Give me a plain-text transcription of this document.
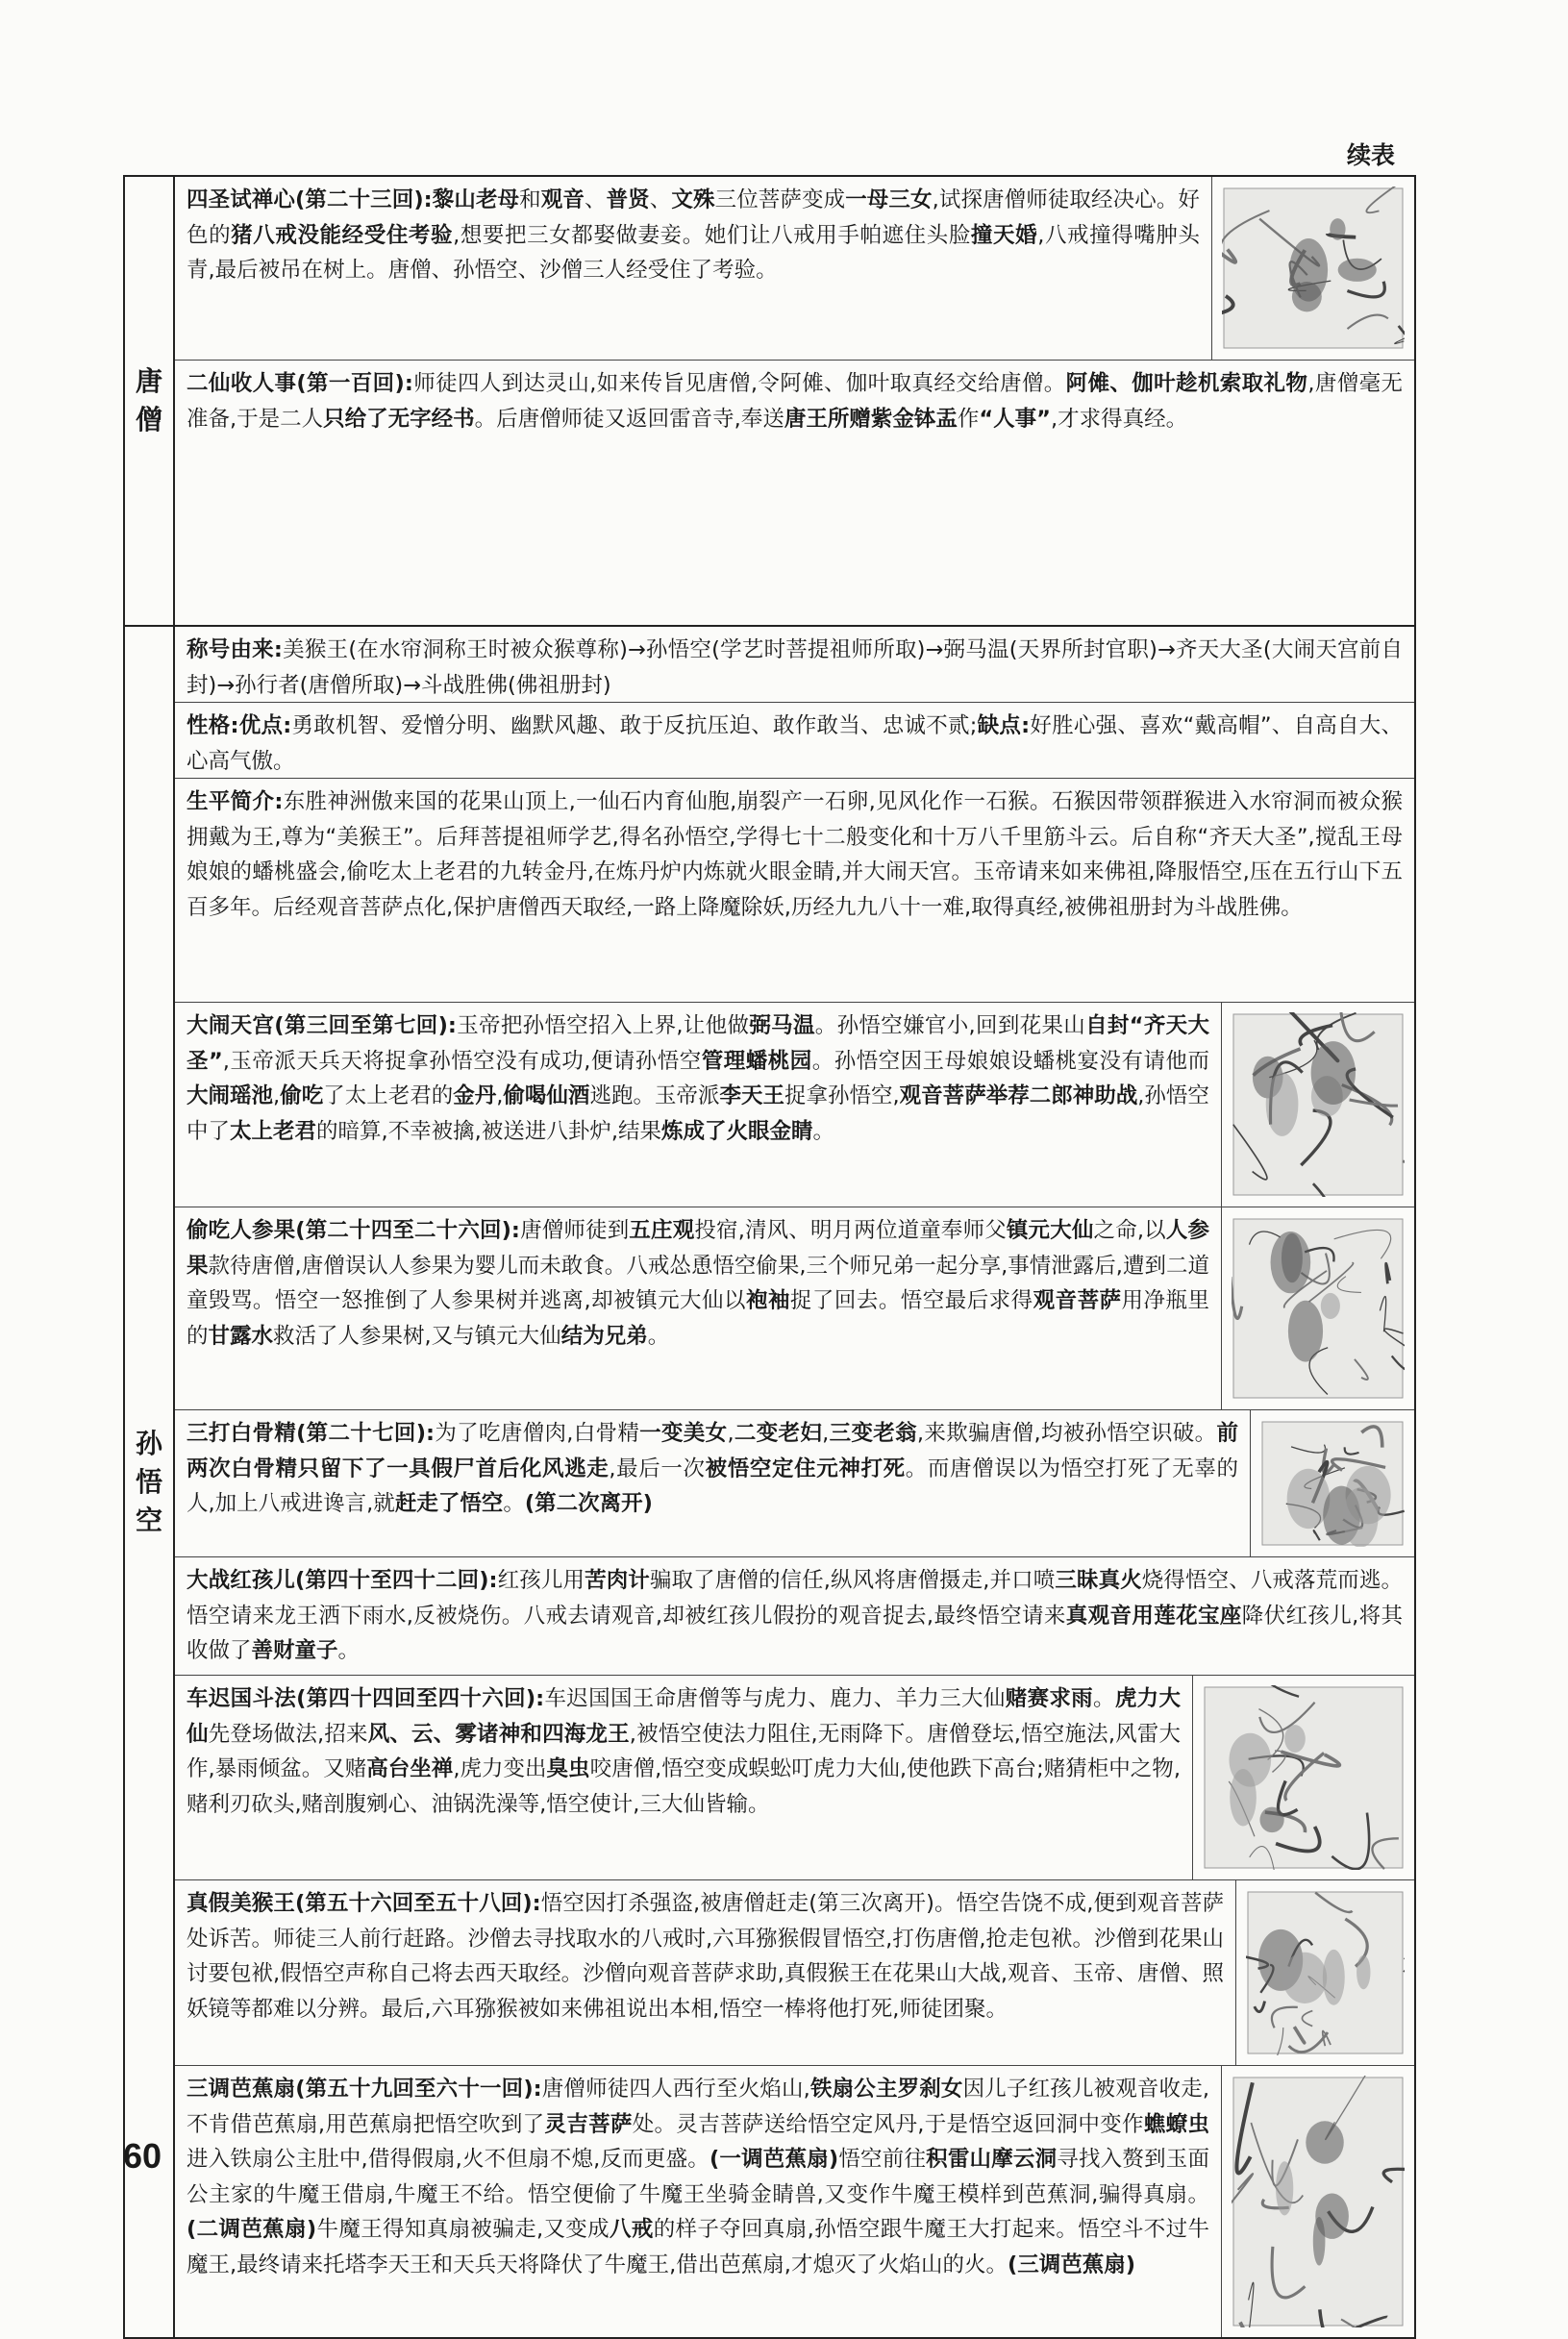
续表
唐
僧

四圣试禅心(第二十三回):黎山老母和观音、普贤、文殊三位菩萨变成一母三女,试探唐僧师徒取经决心。好色的猪八戒没能经受住考验,想要把三女都娶做妻妾。她们让八戒用手帕遮住头脸撞天婚,八戒撞得嘴肿头青,最后被吊在树上。唐僧、孙悟空、沙僧三人经受住了考验。

二仙收人事(第一百回):师徒四人到达灵山,如来传旨见唐僧,令阿傩、伽叶取真经交给唐僧。阿傩、伽叶趁机索取礼物,唐僧毫无准备,于是二人只给了无字经书。后唐僧师徒又返回雷音寺,奉送唐王所赠紫金钵盂作“人事”,才求得真经。

孙
悟
空

称号由来:美猴王(在水帘洞称王时被众猴尊称)→孙悟空(学艺时菩提祖师所取)→弼马温(天界所封官职)→齐天大圣(大闹天宫前自封)→孙行者(唐僧所取)→斗战胜佛(佛祖册封)

性格:优点:勇敢机智、爱憎分明、幽默风趣、敢于反抗压迫、敢作敢当、忠诚不贰;缺点:好胜心强、喜欢“戴高帽”、自高自大、心高气傲。

生平简介:东胜神洲傲来国的花果山顶上,一仙石内育仙胞,崩裂产一石卵,见风化作一石猴。石猴因带领群猴进入水帘洞而被众猴拥戴为王,尊为“美猴王”。后拜菩提祖师学艺,得名孙悟空,学得七十二般变化和十万八千里筋斗云。后自称“齐天大圣”,搅乱王母娘娘的蟠桃盛会,偷吃太上老君的九转金丹,在炼丹炉内炼就火眼金睛,并大闹天宫。玉帝请来如来佛祖,降服悟空,压在五行山下五百多年。后经观音菩萨点化,保护唐僧西天取经,一路上降魔除妖,历经九九八十一难,取得真经,被佛祖册封为斗战胜佛。

大闹天宫(第三回至第七回):玉帝把孙悟空招入上界,让他做弼马温。孙悟空嫌官小,回到花果山自封“齐天大圣”,玉帝派天兵天将捉拿孙悟空没有成功,便请孙悟空管理蟠桃园。孙悟空因王母娘娘设蟠桃宴没有请他而大闹瑶池,偷吃了太上老君的金丹,偷喝仙酒逃跑。玉帝派李天王捉拿孙悟空,观音菩萨举荐二郎神助战,孙悟空中了太上老君的暗算,不幸被擒,被送进八卦炉,结果炼成了火眼金睛。

偷吃人参果(第二十四至二十六回):唐僧师徒到五庄观投宿,清风、明月两位道童奉师父镇元大仙之命,以人参果款待唐僧,唐僧误认人参果为婴儿而未敢食。八戒怂恿悟空偷果,三个师兄弟一起分享,事情泄露后,遭到二道童毁骂。悟空一怒推倒了人参果树并逃离,却被镇元大仙以袍袖捉了回去。悟空最后求得观音菩萨用净瓶里的甘露水救活了人参果树,又与镇元大仙结为兄弟。

三打白骨精(第二十七回):为了吃唐僧肉,白骨精一变美女,二变老妇,三变老翁,来欺骗唐僧,均被孙悟空识破。前两次白骨精只留下了一具假尸首后化风逃走,最后一次被悟空定住元神打死。而唐僧误以为悟空打死了无辜的人,加上八戒进谗言,就赶走了悟空。(第二次离开)

大战红孩儿(第四十至四十二回):红孩儿用苦肉计骗取了唐僧的信任,纵风将唐僧摄走,并口喷三昧真火烧得悟空、八戒落荒而逃。悟空请来龙王洒下雨水,反被烧伤。八戒去请观音,却被红孩儿假扮的观音捉去,最终悟空请来真观音用莲花宝座降伏红孩儿,将其收做了善财童子。

车迟国斗法(第四十四回至四十六回):车迟国国王命唐僧等与虎力、鹿力、羊力三大仙赌赛求雨。虎力大仙先登场做法,招来风、云、雾诸神和四海龙王,被悟空使法力阻住,无雨降下。唐僧登坛,悟空施法,风雷大作,暴雨倾盆。又赌高台坐禅,虎力变出臭虫咬唐僧,悟空变成蜈蚣叮虎力大仙,使他跌下高台;赌猜柜中之物,赌利刃砍头,赌剖腹剜心、油锅洗澡等,悟空使计,三大仙皆输。

真假美猴王(第五十六回至五十八回):悟空因打杀强盗,被唐僧赶走(第三次离开)。悟空告饶不成,便到观音菩萨处诉苦。师徒三人前行赶路。沙僧去寻找取水的八戒时,六耳猕猴假冒悟空,打伤唐僧,抢走包袱。沙僧到花果山讨要包袱,假悟空声称自己将去西天取经。沙僧向观音菩萨求助,真假猴王在花果山大战,观音、玉帝、唐僧、照妖镜等都难以分辨。最后,六耳猕猴被如来佛祖说出本相,悟空一棒将他打死,师徒团聚。

三调芭蕉扇(第五十九回至六十一回):唐僧师徒四人西行至火焰山,铁扇公主罗刹女因儿子红孩儿被观音收走,不肯借芭蕉扇,用芭蕉扇把悟空吹到了灵吉菩萨处。灵吉菩萨送给悟空定风丹,于是悟空返回洞中变作蟭蟟虫进入铁扇公主肚中,借得假扇,火不但扇不熄,反而更盛。(一调芭蕉扇)悟空前往积雷山摩云洞寻找入赘到玉面公主家的牛魔王借扇,牛魔王不给。悟空便偷了牛魔王坐骑金睛兽,又变作牛魔王模样到芭蕉洞,骗得真扇。(二调芭蕉扇)牛魔王得知真扇被骗走,又变成八戒的样子夺回真扇,孙悟空跟牛魔王大打起来。悟空斗不过牛魔王,最终请来托塔李天王和天兵天将降伏了牛魔王,借出芭蕉扇,才熄灭了火焰山的火。(三调芭蕉扇)
60
